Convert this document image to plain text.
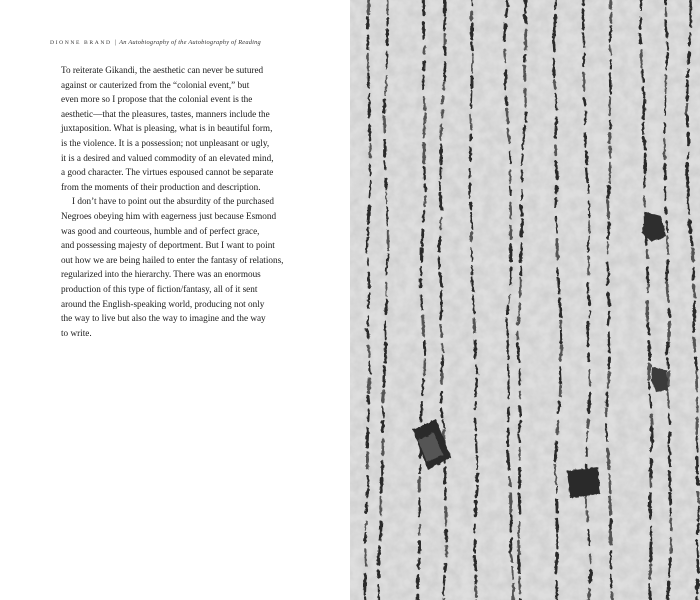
DIONNE BRAND | An Autobiography of the Autobiography of Reading

To reiterate Gikandi, the aesthetic can never be sutured
against or cauterized from the “colonial event,” but
even more so I propose that the colonial event is the
aesthetic—that the pleasures, tastes, manners include the
juxtaposition. What is pleasing, what is in beautiful form,
is the violence. It is a possession; not unpleasant or ugly,
it is a desired and valued commodity of an elevated mind,
a good character. The virtues espoused cannot be separate
from the moments of their production and description.

I don’t have to point out the absurdity of the purchased
Negroes obeying him with eagerness just because Esmond
was good and courteous, humble and of perfect grace,
and possessing majesty of deportment. But I want to point
out how we are being hailed to enter the fantasy of relations,
regularized into the hierarchy. There was an enormous
production of this type of fiction/fantasy, all of it sent
around the English-speaking world, producing not only
the way to live but also the way to imagine and the way
to write.
